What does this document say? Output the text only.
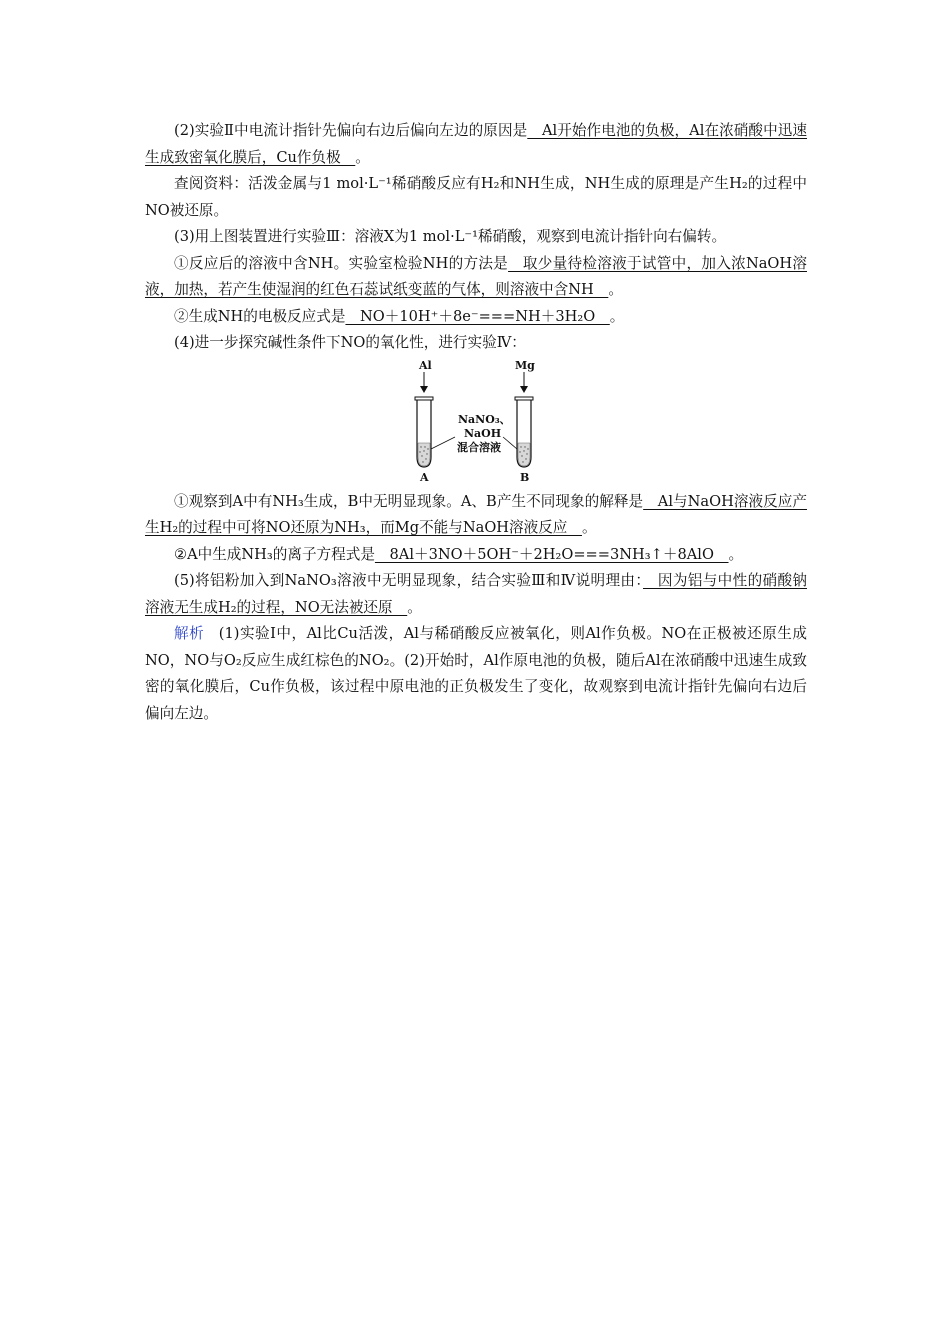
(2)实验Ⅱ中电流计指针先偏向右边后偏向左边的原因是　Al开始作电池的负极，Al在浓硝酸中迅速生成致密氧化膜后，Cu作负极　。

查阅资料：活泼金属与1 mol·L⁻¹稀硝酸反应有H₂和NH生成，NH生成的原理是产生H₂的过程中NO被还原。

(3)用上图装置进行实验Ⅲ：溶液X为1 mol·L⁻¹稀硝酸，观察到电流计指针向右偏转。

①反应后的溶液中含NH。实验室检验NH的方法是　取少量待检溶液于试管中，加入浓NaOH溶液，加热，若产生使湿润的红色石蕊试纸变蓝的气体，则溶液中含NH　。

②生成NH的电极反应式是　NO＋10H⁺＋8e⁻===NH＋3H₂O　。

(4)进一步探究碱性条件下NO的氧化性，进行实验Ⅳ：

Al	Mg
NaNO₃、
NaOH
混合溶液
A	B

①观察到A中有NH₃生成，B中无明显现象。A、B产生不同现象的解释是　Al与NaOH溶液反应产生H₂的过程中可将NO还原为NH₃，而Mg不能与NaOH溶液反应　。

②A中生成NH₃的离子方程式是　8Al＋3NO＋5OH⁻＋2H₂O===3NH₃↑＋8AlO　。

(5)将铝粉加入到NaNO₃溶液中无明显现象，结合实验Ⅲ和Ⅳ说明理由：　因为铝与中性的硝酸钠溶液无生成H₂的过程，NO无法被还原　。

解析  (1)实验Ⅰ中，Al比Cu活泼，Al与稀硝酸反应被氧化，则Al作负极。NO在正极被还原生成NO，NO与O₂反应生成红棕色的NO₂。(2)开始时，Al作原电池的负极，随后Al在浓硝酸中迅速生成致密的氧化膜后，Cu作负极，该过程中原电池的正负极发生了变化，故观察到电流计指针先偏向右边后偏向左边。
